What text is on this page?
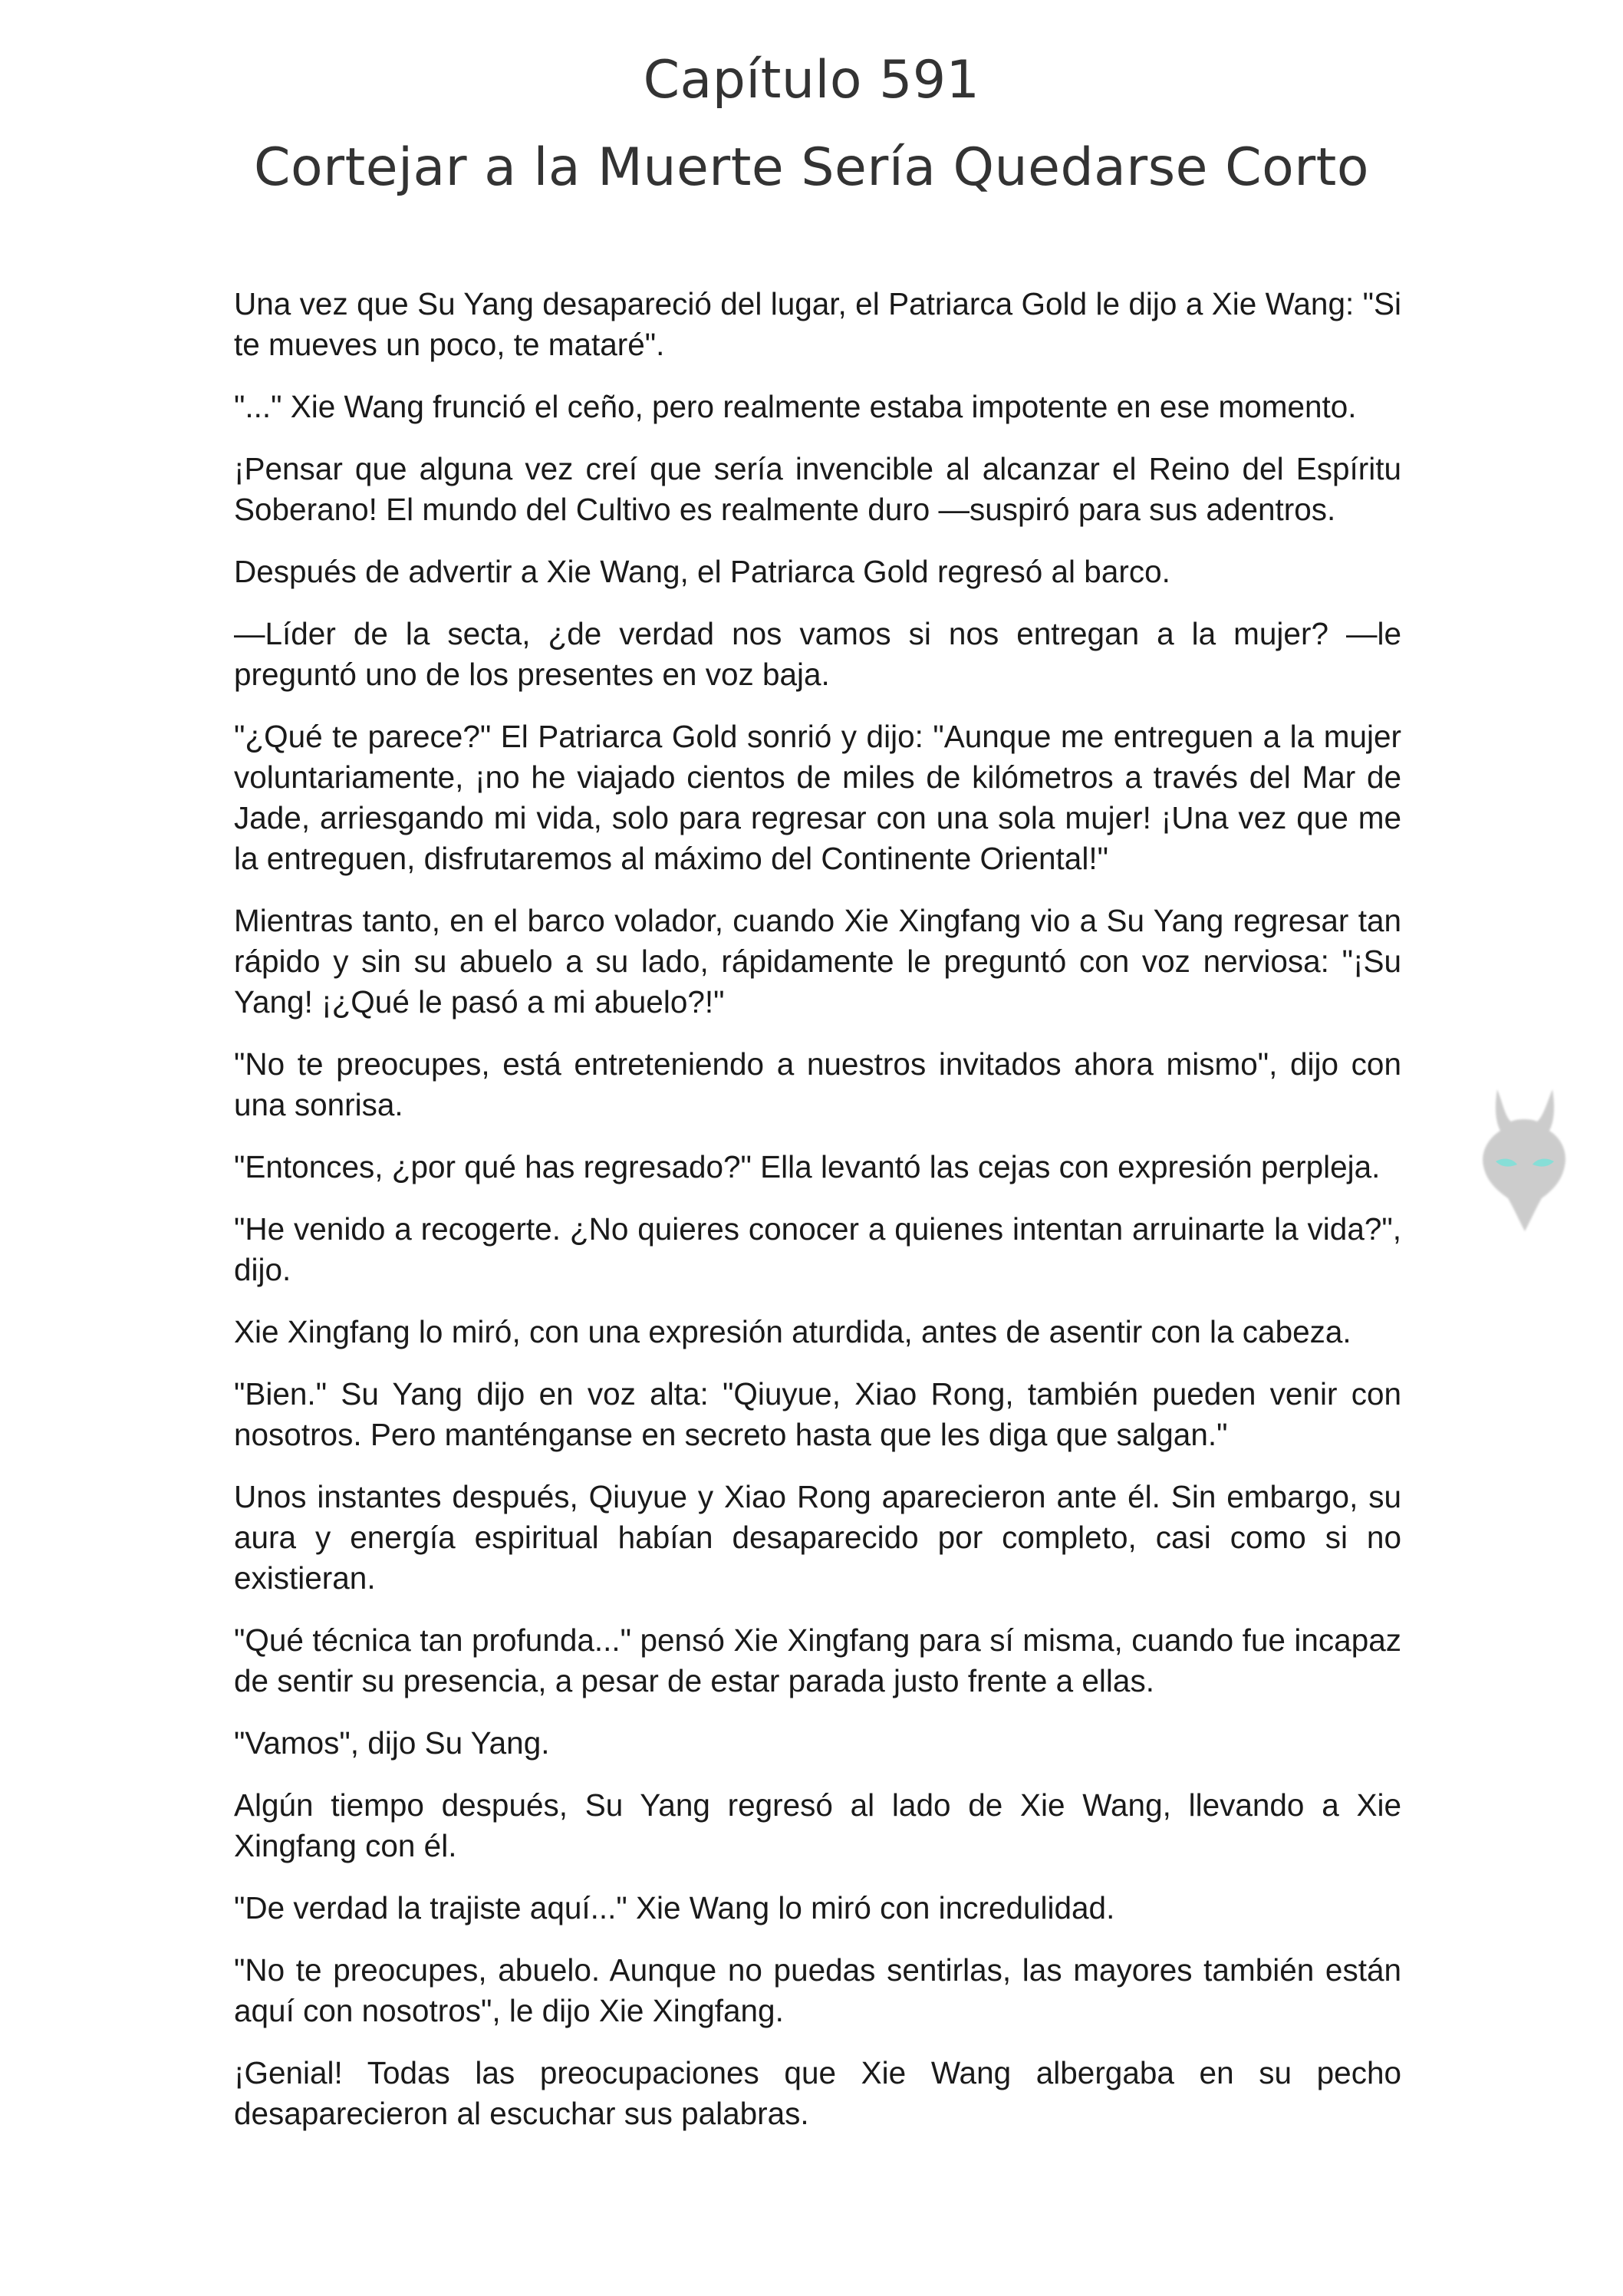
Capítulo 591

Cortejar a la Muerte Sería Quedarse Corto

Una vez que Su Yang desapareció del lugar, el Patriarca Gold le dijo a Xie Wang: "Si te mueves un poco, te mataré".

"..." Xie Wang frunció el ceño, pero realmente estaba impotente en ese momento.

¡Pensar que alguna vez creí que sería invencible al alcanzar el Reino del Espíritu Soberano! El mundo del Cultivo es realmente duro —suspiró para sus adentros.

Después de advertir a Xie Wang, el Patriarca Gold regresó al barco.

—Líder de la secta, ¿de verdad nos vamos si nos entregan a la mujer? —le preguntó uno de los presentes en voz baja.

"¿Qué te parece?" El Patriarca Gold sonrió y dijo: "Aunque me entreguen a la mujer voluntariamente, ¡no he viajado cientos de miles de kilómetros a través del Mar de Jade, arriesgando mi vida, solo para regresar con una sola mujer! ¡Una vez que me la entreguen, disfrutaremos al máximo del Continente Oriental!"

Mientras tanto, en el barco volador, cuando Xie Xingfang vio a Su Yang regresar tan rápido y sin su abuelo a su lado, rápidamente le preguntó con voz nerviosa: "¡Su Yang! ¡¿Qué le pasó a mi abuelo?!"

"No te preocupes, está entreteniendo a nuestros invitados ahora mismo", dijo con una sonrisa.

"Entonces, ¿por qué has regresado?" Ella levantó las cejas con expresión perpleja.

"He venido a recogerte. ¿No quieres conocer a quienes intentan arruinarte la vida?", dijo.

Xie Xingfang lo miró, con una expresión aturdida, antes de asentir con la cabeza.

"Bien." Su Yang dijo en voz alta: "Qiuyue, Xiao Rong, también pueden venir con nosotros. Pero manténganse en secreto hasta que les diga que salgan."

Unos instantes después, Qiuyue y Xiao Rong aparecieron ante él. Sin embargo, su aura y energía espiritual habían desaparecido por completo, casi como si no existieran.

"Qué técnica tan profunda..." pensó Xie Xingfang para sí misma, cuando fue incapaz de sentir su presencia, a pesar de estar parada justo frente a ellas.

"Vamos", dijo Su Yang.

Algún tiempo después, Su Yang regresó al lado de Xie Wang, llevando a Xie Xingfang con él.

"De verdad la trajiste aquí..." Xie Wang lo miró con incredulidad.

"No te preocupes, abuelo. Aunque no puedas sentirlas, las mayores también están aquí con nosotros", le dijo Xie Xingfang.

¡Genial! Todas las preocupaciones que Xie Wang albergaba en su pecho desaparecieron al escuchar sus palabras.
